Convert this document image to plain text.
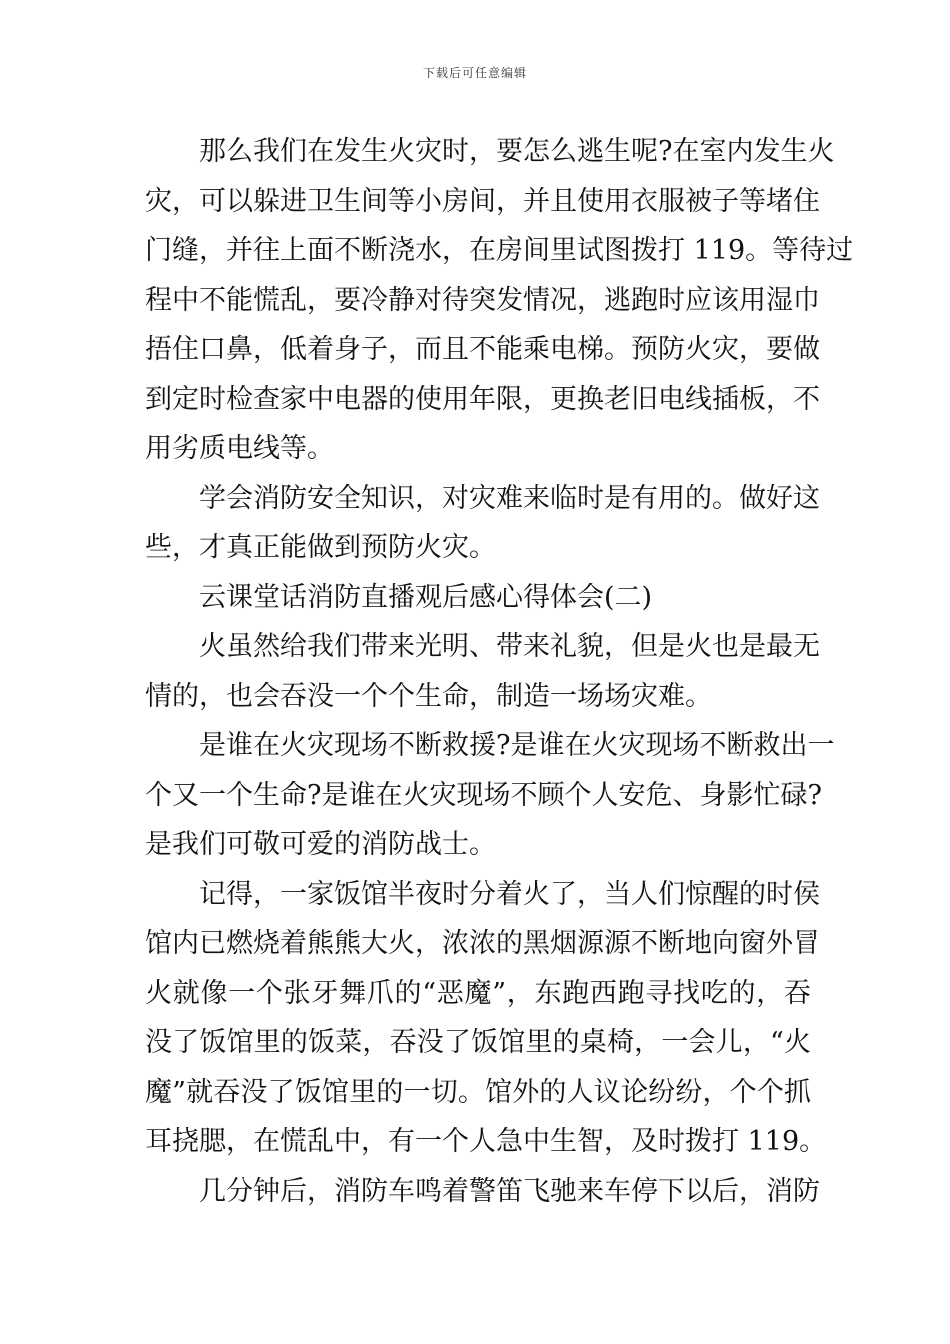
下载后可任意编辑
那么我们在发生火灾时，要怎么逃生呢?在室内发生火
灾，可以躲进卫生间等小房间，并且使用衣服被子等堵住
门缝，并往上面不断浇水，在房间里试图拨打 119。等待过
程中不能慌乱，要冷静对待突发情况，逃跑时应该用湿巾
捂住口鼻，低着身子，而且不能乘电梯。预防火灾，要做
到定时检查家中电器的使用年限，更换老旧电线插板，不
用劣质电线等。
学会消防安全知识，对灾难来临时是有用的。做好这
些，才真正能做到预防火灾。
云课堂话消防直播观后感心得体会(二)
火虽然给我们带来光明、带来礼貌，但是火也是最无
情的，也会吞没一个个生命，制造一场场灾难。
是谁在火灾现场不断救援?是谁在火灾现场不断救出一
个又一个生命?是谁在火灾现场不顾个人安危、身影忙碌?
是我们可敬可爱的消防战士。
记得，一家饭馆半夜时分着火了，当人们惊醒的时侯
馆内已燃烧着熊熊大火，浓浓的黑烟源源不断地向窗外冒
火就像一个张牙舞爪的“恶魔”，东跑西跑寻找吃的，吞
没了饭馆里的饭菜，吞没了饭馆里的桌椅，一会儿，“火
魔”就吞没了饭馆里的一切。馆外的人议论纷纷，个个抓
耳挠腮，在慌乱中，有一个人急中生智，及时拨打 119。
几分钟后，消防车鸣着警笛飞驰来车停下以后，消防
